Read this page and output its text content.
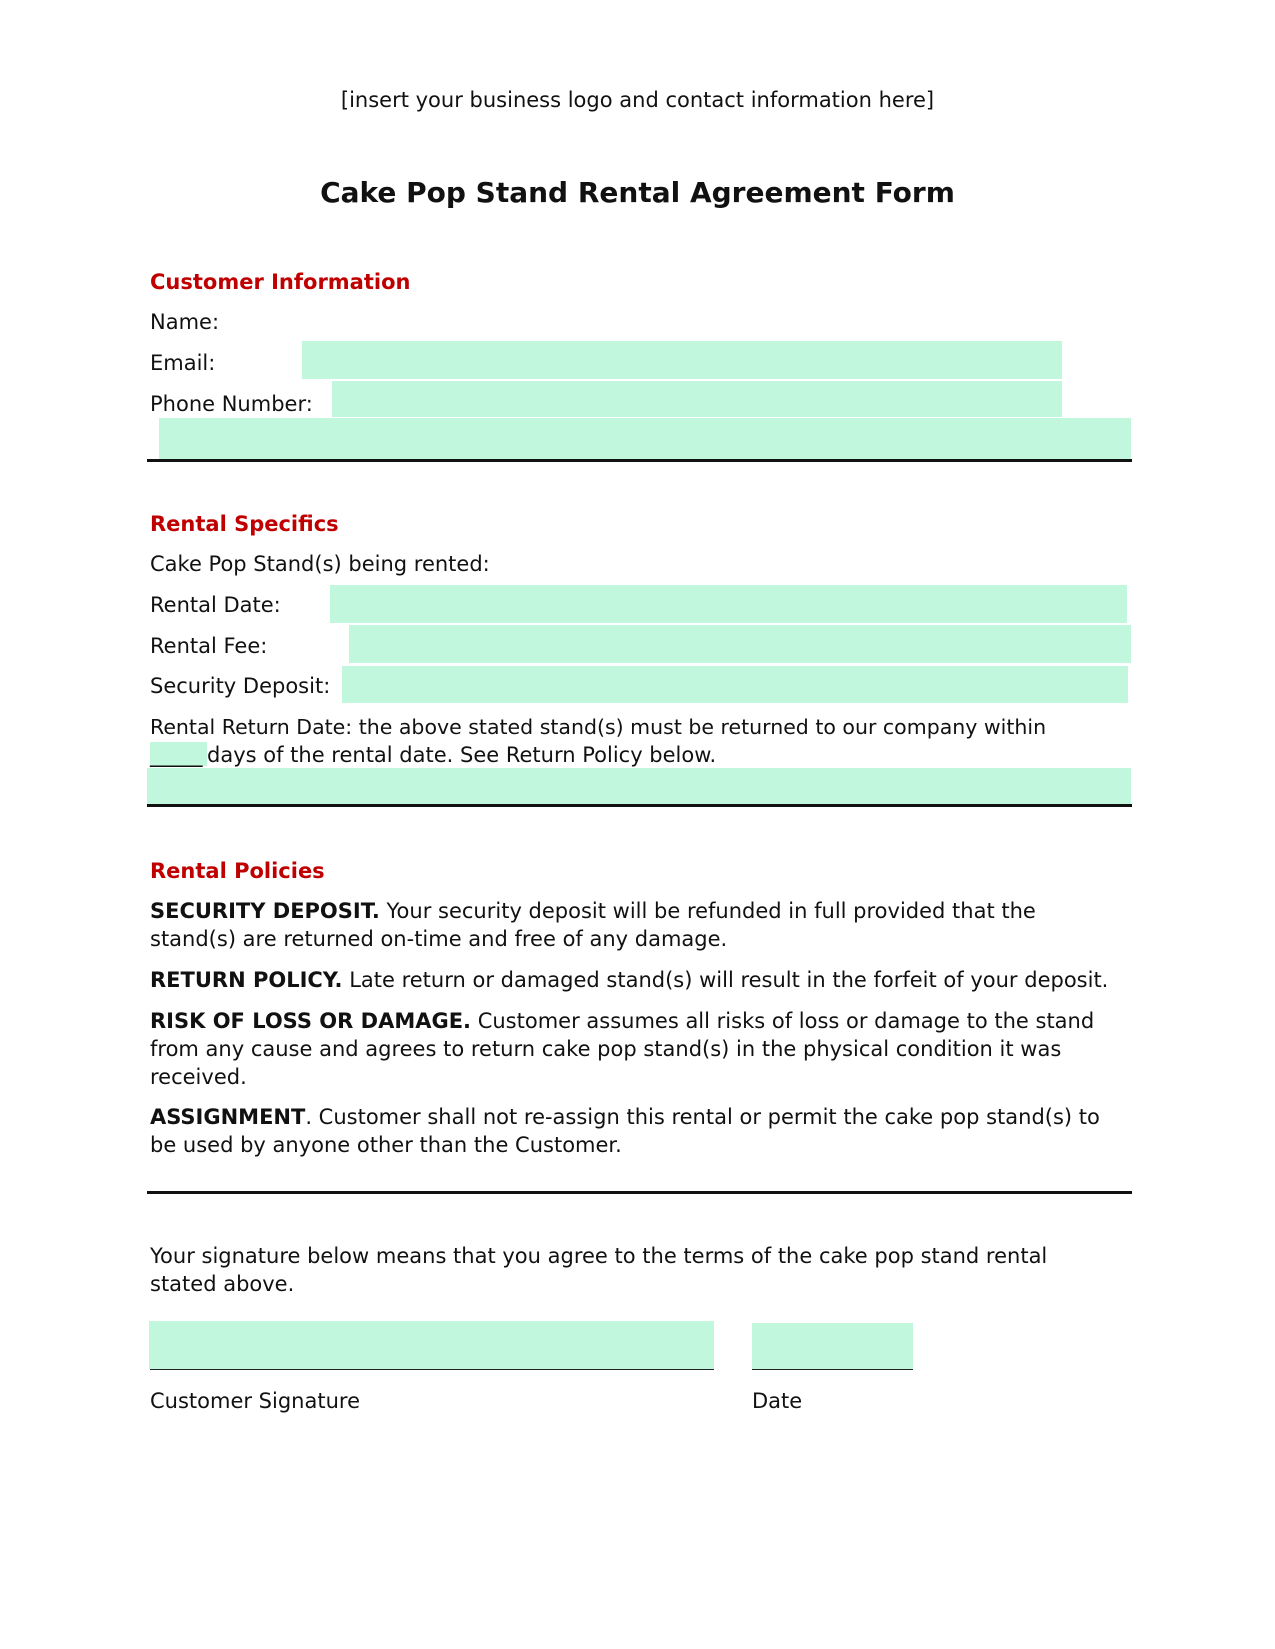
[insert your business logo and contact information here]
Cake Pop Stand Rental Agreement Form
Customer Information
Name:
Email:
Phone Number:
Rental Specifics
Cake Pop Stand(s) being rented:
Rental Date:
Rental Fee:
Security Deposit:
Rental Return Date: the above stated stand(s) must be returned to our company within
_____ days of the rental date. See Return Policy below.
Rental Policies
SECURITY DEPOSIT. Your security deposit will be refunded in full provided that the stand(s) are returned on-time and free of any damage.
RETURN POLICY. Late return or damaged stand(s) will result in the forfeit of your deposit.
RISK OF LOSS OR DAMAGE. Customer assumes all risks of loss or damage to the stand from any cause and agrees to return cake pop stand(s) in the physical condition it was received.
ASSIGNMENT. Customer shall not re-assign this rental or permit the cake pop stand(s) to be used by anyone other than the Customer.
Your signature below means that you agree to the terms of the cake pop stand rental stated above.
Customer Signature	Date
